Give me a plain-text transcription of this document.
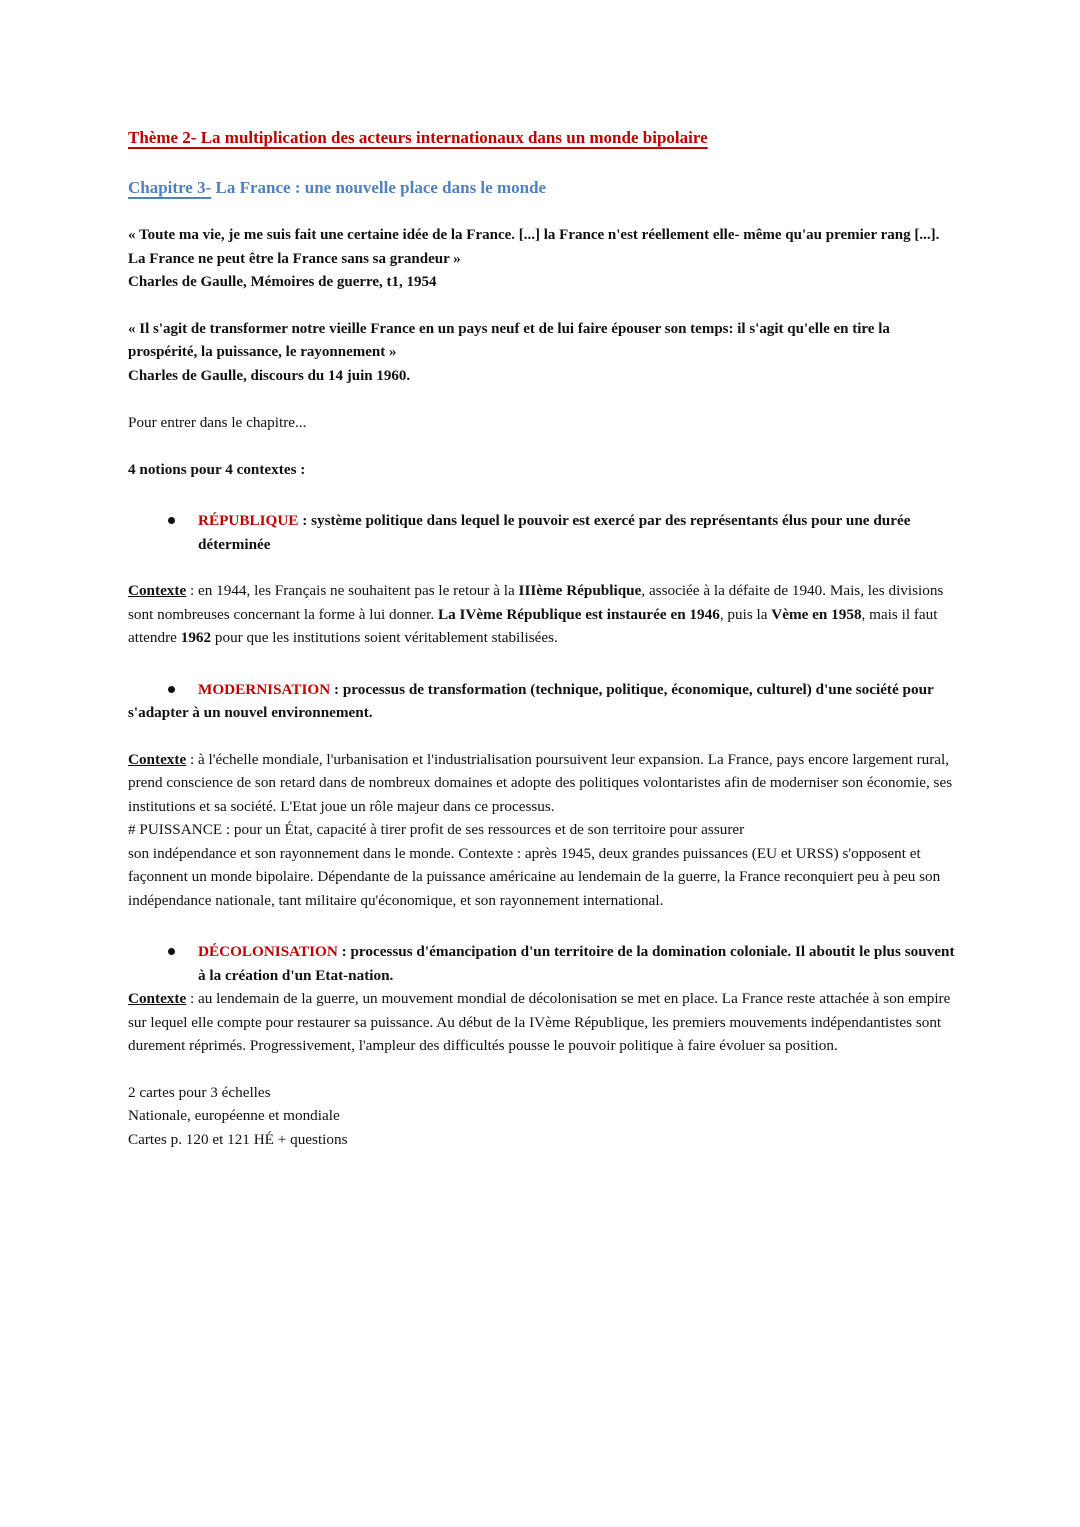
Thème 2- La multiplication des acteurs internationaux dans un monde bipolaire
Chapitre 3- La France : une nouvelle place dans le monde
« Toute ma vie, je me suis fait une certaine idée de la France. [...] la France n'est réellement elle- même qu'au premier rang [...]. La France ne peut être la France sans sa grandeur »
Charles de Gaulle, Mémoires de guerre, t1, 1954
« Il s'agit de transformer notre vieille France en un pays neuf et de lui faire épouser son temps: il s'agit qu'elle en tire la prospérité, la puissance, le rayonnement »
Charles de Gaulle, discours du 14 juin 1960.
Pour entrer dans le chapitre...
4 notions pour 4 contextes :
RÉPUBLIQUE : système politique dans lequel le pouvoir est exercé par des représentants élus pour une durée déterminée
Contexte : en 1944, les Français ne souhaitent pas le retour à la IIIème République, associée à la défaite de 1940. Mais, les divisions sont nombreuses concernant la forme à lui donner. La IVème République est instaurée en 1946, puis la Vème en 1958, mais il faut attendre 1962 pour que les institutions soient véritablement stabilisées.
MODERNISATION : processus de transformation (technique, politique, économique, culturel) d'une société pour s'adapter à un nouvel environnement.
Contexte : à l'échelle mondiale, l'urbanisation et l'industrialisation poursuivent leur expansion. La France, pays encore largement rural, prend conscience de son retard dans de nombreux domaines et adopte des politiques volontaristes afin de moderniser son économie, ses institutions et sa société. L'Etat joue un rôle majeur dans ce processus.
# PUISSANCE : pour un État, capacité à tirer profit de ses ressources et de son territoire pour assurer
son indépendance et son rayonnement dans le monde. Contexte : après 1945, deux grandes puissances (EU et URSS) s'opposent et façonnent un monde bipolaire. Dépendante de la puissance américaine au lendemain de la guerre, la France reconquiert peu à peu son indépendance nationale, tant militaire qu'économique, et son rayonnement international.
DÉCOLONISATION : processus d'émancipation d'un territoire de la domination coloniale. Il aboutit le plus souvent à la création d'un Etat-nation.
Contexte : au lendemain de la guerre, un mouvement mondial de décolonisation se met en place. La France reste attachée à son empire sur lequel elle compte pour restaurer sa puissance. Au début de la IVème République, les premiers mouvements indépendantistes sont durement réprimés. Progressivement, l'ampleur des difficultés pousse le pouvoir politique à faire évoluer sa position.
2 cartes pour 3 échelles
Nationale, européenne et mondiale
Cartes p. 120 et 121 HÉ + questions
